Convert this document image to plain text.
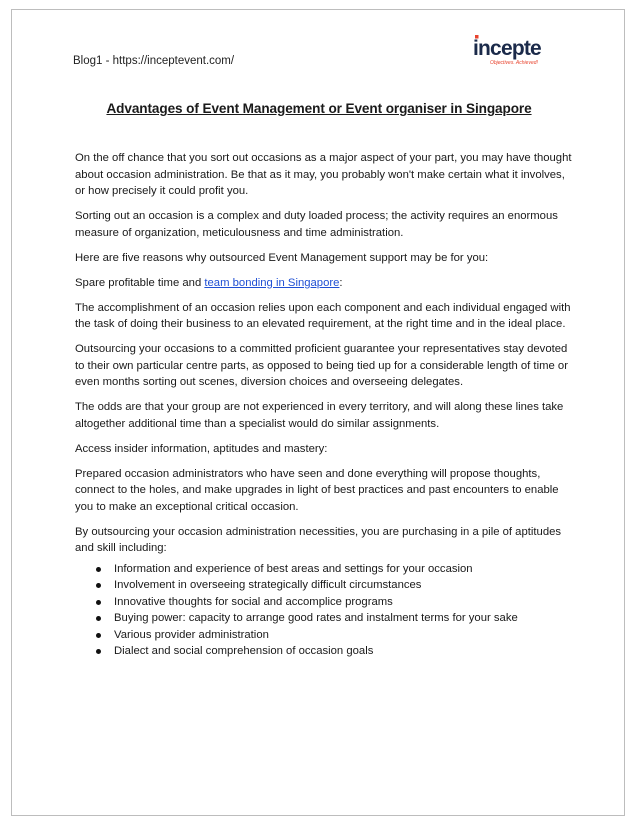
Blog1 - https://inceptevent.com/
incepte
Objectives. Achieved!
Advantages of Event Management or Event organiser in Singapore

On the off chance that you sort out occasions as a major aspect of your part, you may have thought about occasion administration. Be that as it may, you probably won't make certain what it involves, or how precisely it could profit you.

Sorting out an occasion is a complex and duty loaded process; the activity requires an enormous measure of organization, meticulousness and time administration.

Here are five reasons why outsourced Event Management support may be for you:

Spare profitable time and team bonding in Singapore:

The accomplishment of an occasion relies upon each component and each individual engaged with the task of doing their business to an elevated requirement, at the right time and in the ideal place.

Outsourcing your occasions to a committed proficient guarantee your representatives stay devoted to their own particular centre parts, as opposed to being tied up for a considerable length of time or even months sorting out scenes, diversion choices and overseeing delegates.

The odds are that your group are not experienced in every territory, and will along these lines take altogether additional time than a specialist would do similar assignments.

Access insider information, aptitudes and mastery:

Prepared occasion administrators who have seen and done everything will propose thoughts, connect to the holes, and make upgrades in light of best practices and past encounters to enable you to make an exceptional critical occasion.

By outsourcing your occasion administration necessities, you are purchasing in a pile of aptitudes and skill including:

Information and experience of best areas and settings for your occasion
Involvement in overseeing strategically difficult circumstances
Innovative thoughts for social and accomplice programs
Buying power: capacity to arrange good rates and instalment terms for your sake
Various provider administration
Dialect and social comprehension of occasion goals
